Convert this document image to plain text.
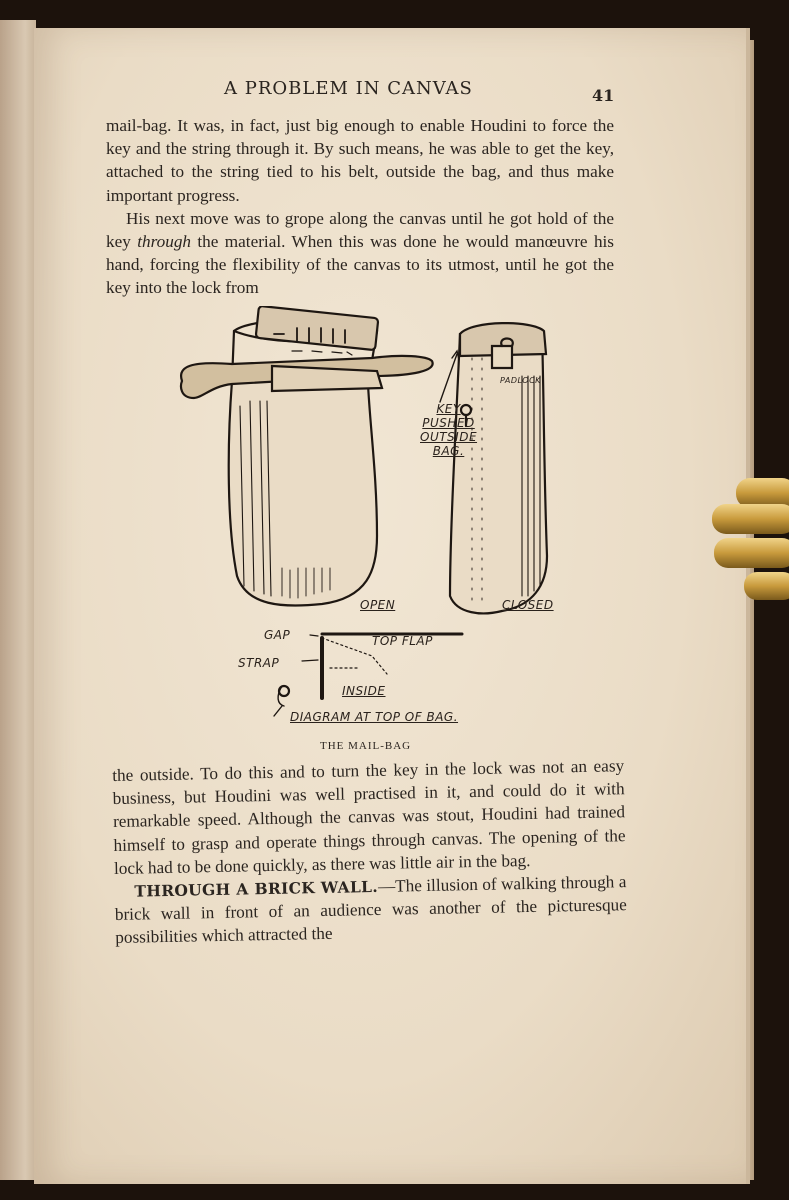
A PROBLEM IN CANVAS	41

mail-bag. It was, in fact, just big enough to enable Houdini to force the key and the string through it. By such means, he was able to get the key, attached to the string tied to his belt, outside the bag, and thus make important progress.

His next move was to grope along the canvas until he got hold of the key through the material. When this was done he would manœuvre his hand, forcing the flexibility of the canvas to its utmost, until he got the key into the lock from

KEY
PUSHED
OUTSIDE
BAG.
PADLOCK
OPEN	CLOSED
GAP	TOP FLAP
STRAP
INSIDE
DIAGRAM AT TOP OF BAG.
THE MAIL-BAG

the outside. To do this and to turn the key in the lock was not an easy business, but Houdini was well practised in it, and could do it with remarkable speed. Although the canvas was stout, Houdini had trained himself to grasp and operate things through canvas. The opening of the lock had to be done quickly, as there was little air in the bag.

THROUGH A BRICK WALL.—The illusion of walking through a brick wall in front of an audience was another of the picturesque possibilities which attracted the
